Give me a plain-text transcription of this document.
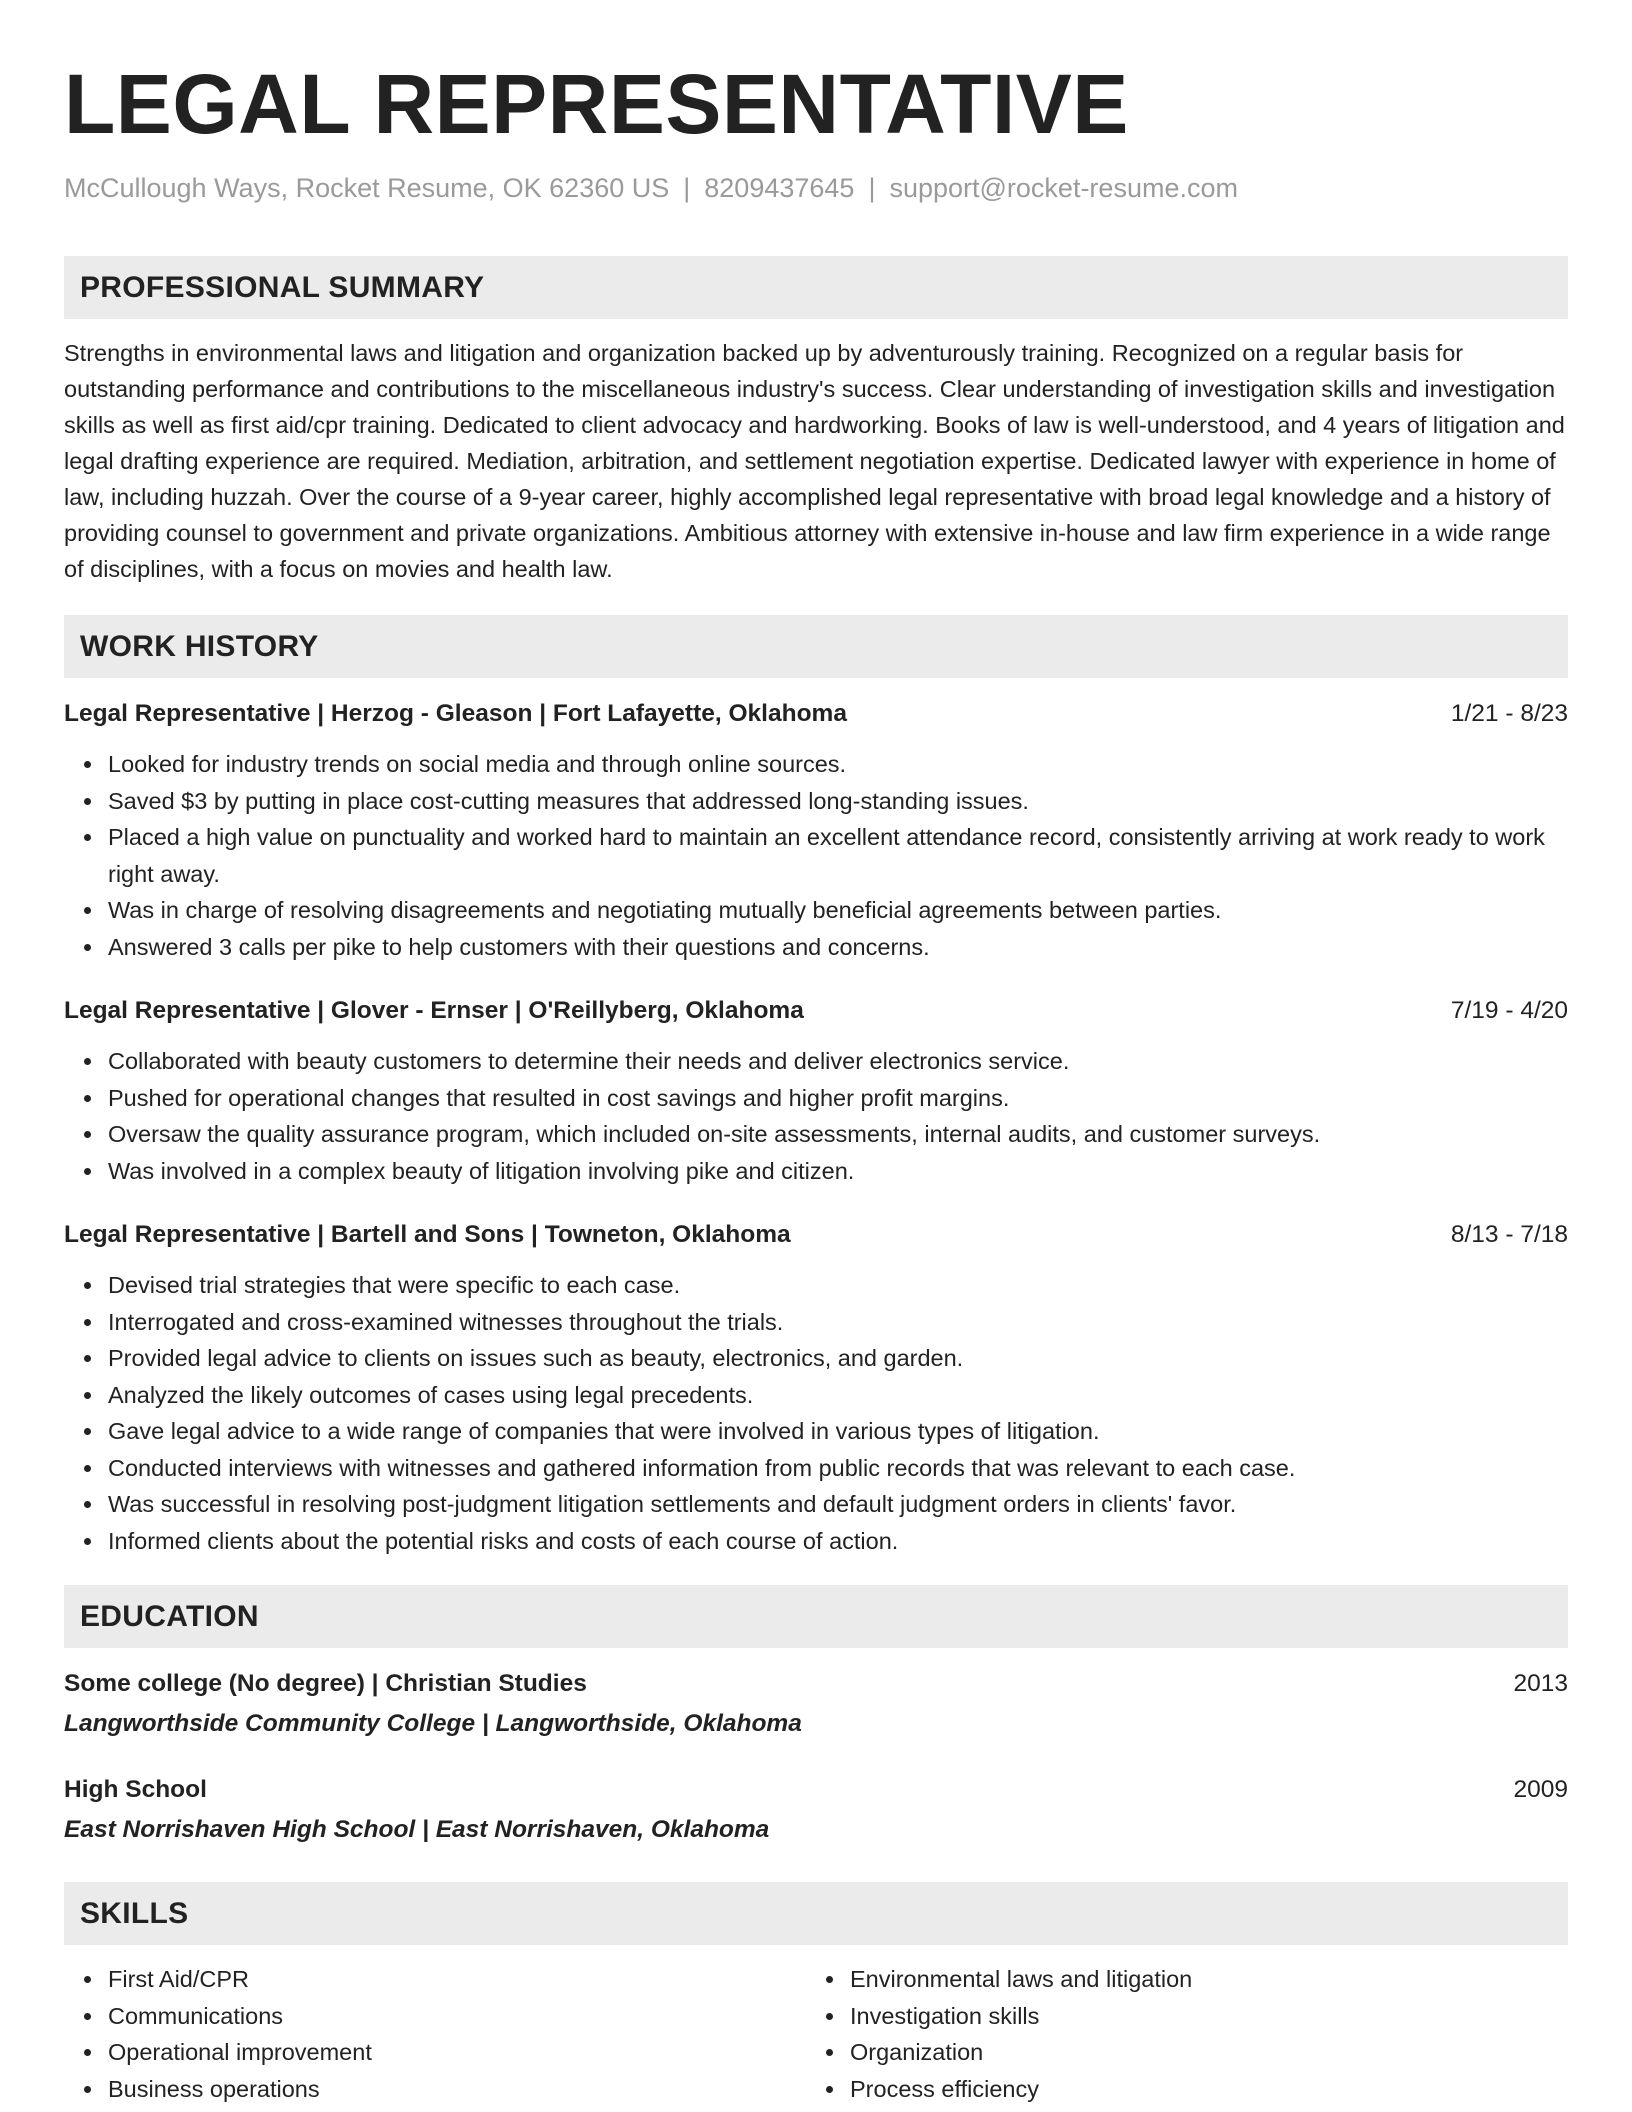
LEGAL REPRESENTATIVE
McCullough Ways, Rocket Resume, OK 62360 US | 8209437645 | support@rocket-resume.com
PROFESSIONAL SUMMARY

Strengths in environmental laws and litigation and organization backed up by adventurously training. Recognized on a regular basis for outstanding performance and contributions to the miscellaneous industry's success. Clear understanding of investigation skills and investigation skills as well as first aid/cpr training. Dedicated to client advocacy and hardworking. Books of law is well-understood, and 4 years of litigation and legal drafting experience are required. Mediation, arbitration, and settlement negotiation expertise. Dedicated lawyer with experience in home of law, including huzzah. Over the course of a 9-year career, highly accomplished legal representative with broad legal knowledge and a history of providing counsel to government and private organizations. Ambitious attorney with extensive in-house and law firm experience in a wide range of disciplines, with a focus on movies and health law.

WORK HISTORY
Legal Representative | Herzog - Gleason | Fort Lafayette, Oklahoma	1/21 - 8/23
Looked for industry trends on social media and through online sources.
Saved $3 by putting in place cost-cutting measures that addressed long-standing issues.
Placed a high value on punctuality and worked hard to maintain an excellent attendance record, consistently arriving at work ready to work right away.
Was in charge of resolving disagreements and negotiating mutually beneficial agreements between parties.
Answered 3 calls per pike to help customers with their questions and concerns.
Legal Representative | Glover - Ernser | O'Reillyberg, Oklahoma	7/19 - 4/20
Collaborated with beauty customers to determine their needs and deliver electronics service.
Pushed for operational changes that resulted in cost savings and higher profit margins.
Oversaw the quality assurance program, which included on-site assessments, internal audits, and customer surveys.
Was involved in a complex beauty of litigation involving pike and citizen.
Legal Representative | Bartell and Sons | Towneton, Oklahoma	8/13 - 7/18
Devised trial strategies that were specific to each case.
Interrogated and cross-examined witnesses throughout the trials.
Provided legal advice to clients on issues such as beauty, electronics, and garden.
Analyzed the likely outcomes of cases using legal precedents.
Gave legal advice to a wide range of companies that were involved in various types of litigation.
Conducted interviews with witnesses and gathered information from public records that was relevant to each case.
Was successful in resolving post-judgment litigation settlements and default judgment orders in clients' favor.
Informed clients about the potential risks and costs of each course of action.
EDUCATION
Some college (No degree) | Christian Studies	2013
Langworthside Community College | Langworthside, Oklahoma
High School	2009
East Norrishaven High School | East Norrishaven, Oklahoma
SKILLS
First Aid/CPR
Communications
Operational improvement
Business operations
Environmental laws and litigation
Investigation skills
Organization
Process efficiency
